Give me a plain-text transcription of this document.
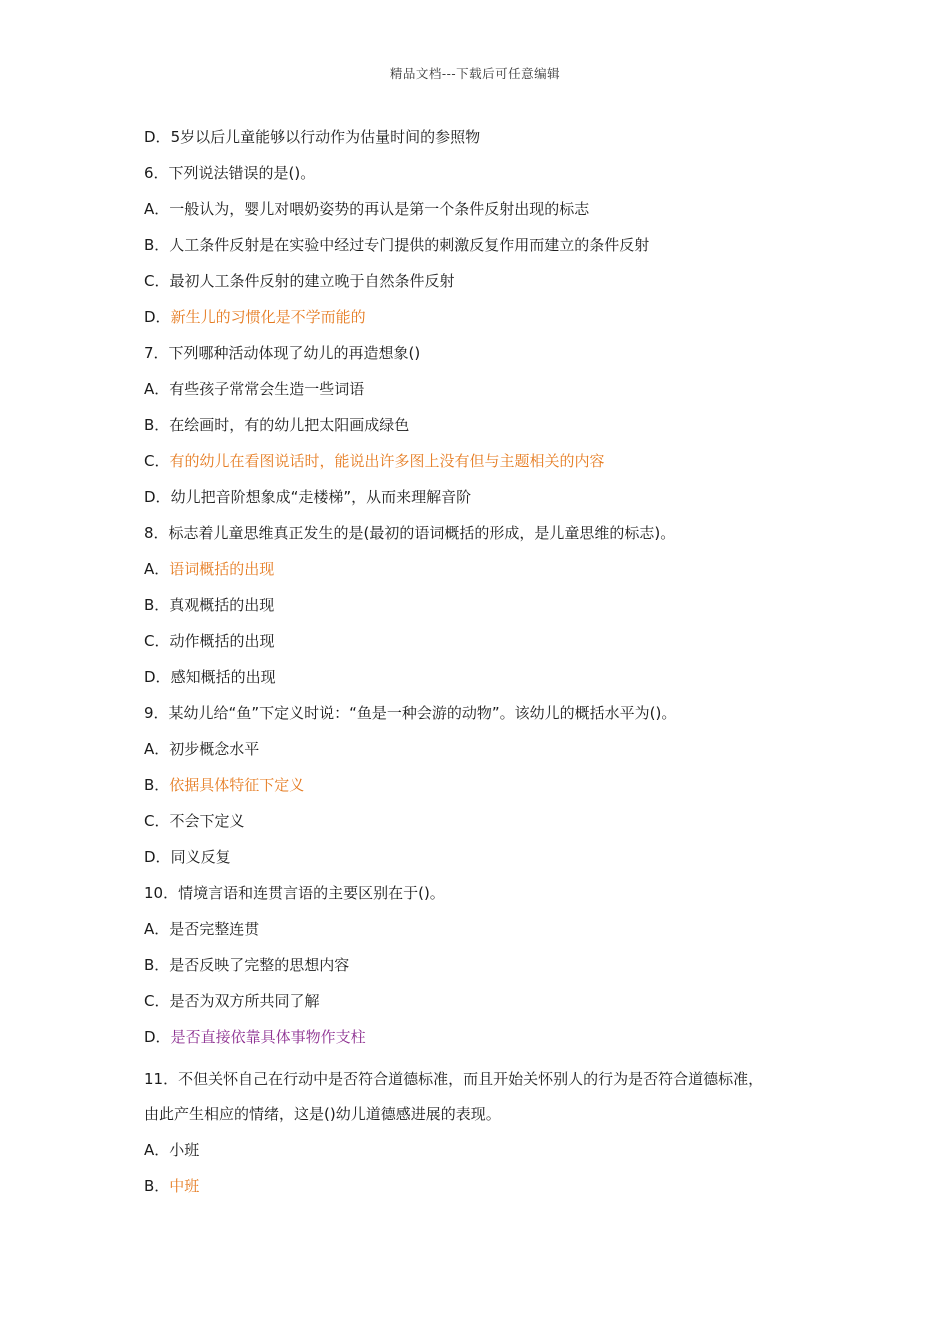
精品文档---下载后可任意编辑
D．5岁以后儿童能够以行动作为估量时间的参照物
6．下列说法错误的是()。
A．一般认为，婴儿对喂奶姿势的再认是第一个条件反射出现的标志
B．人工条件反射是在实验中经过专门提供的刺激反复作用而建立的条件反射
C．最初人工条件反射的建立晚于自然条件反射
D．新生儿的习惯化是不学而能的
7．下列哪种活动体现了幼儿的再造想象()
A．有些孩子常常会生造一些词语
B．在绘画时，有的幼儿把太阳画成绿色
C．有的幼儿在看图说话时，能说出许多图上没有但与主题相关的内容
D．幼儿把音阶想象成“走楼梯”，从而来理解音阶
8．标志着儿童思维真正发生的是(最初的语词概括的形成，是儿童思维的标志)。
A．语词概括的出现
B．真观概括的出现
C．动作概括的出现
D．感知概括的出现
9．某幼儿给“鱼”下定义时说：“鱼是一种会游的动物”。该幼儿的概括水平为()。
A．初步概念水平
B．依据具体特征下定义
C．不会下定义
D．同义反复
10．情境言语和连贯言语的主要区别在于()。
A．是否完整连贯
B．是否反映了完整的思想内容
C．是否为双方所共同了解
D．是否直接依靠具体事物作支柱
11．不但关怀自己在行动中是否符合道德标准，而且开始关怀别人的行为是否符合道德标准，
由此产生相应的情绪，这是()幼儿道德感进展的表现。
A．小班
B．中班
